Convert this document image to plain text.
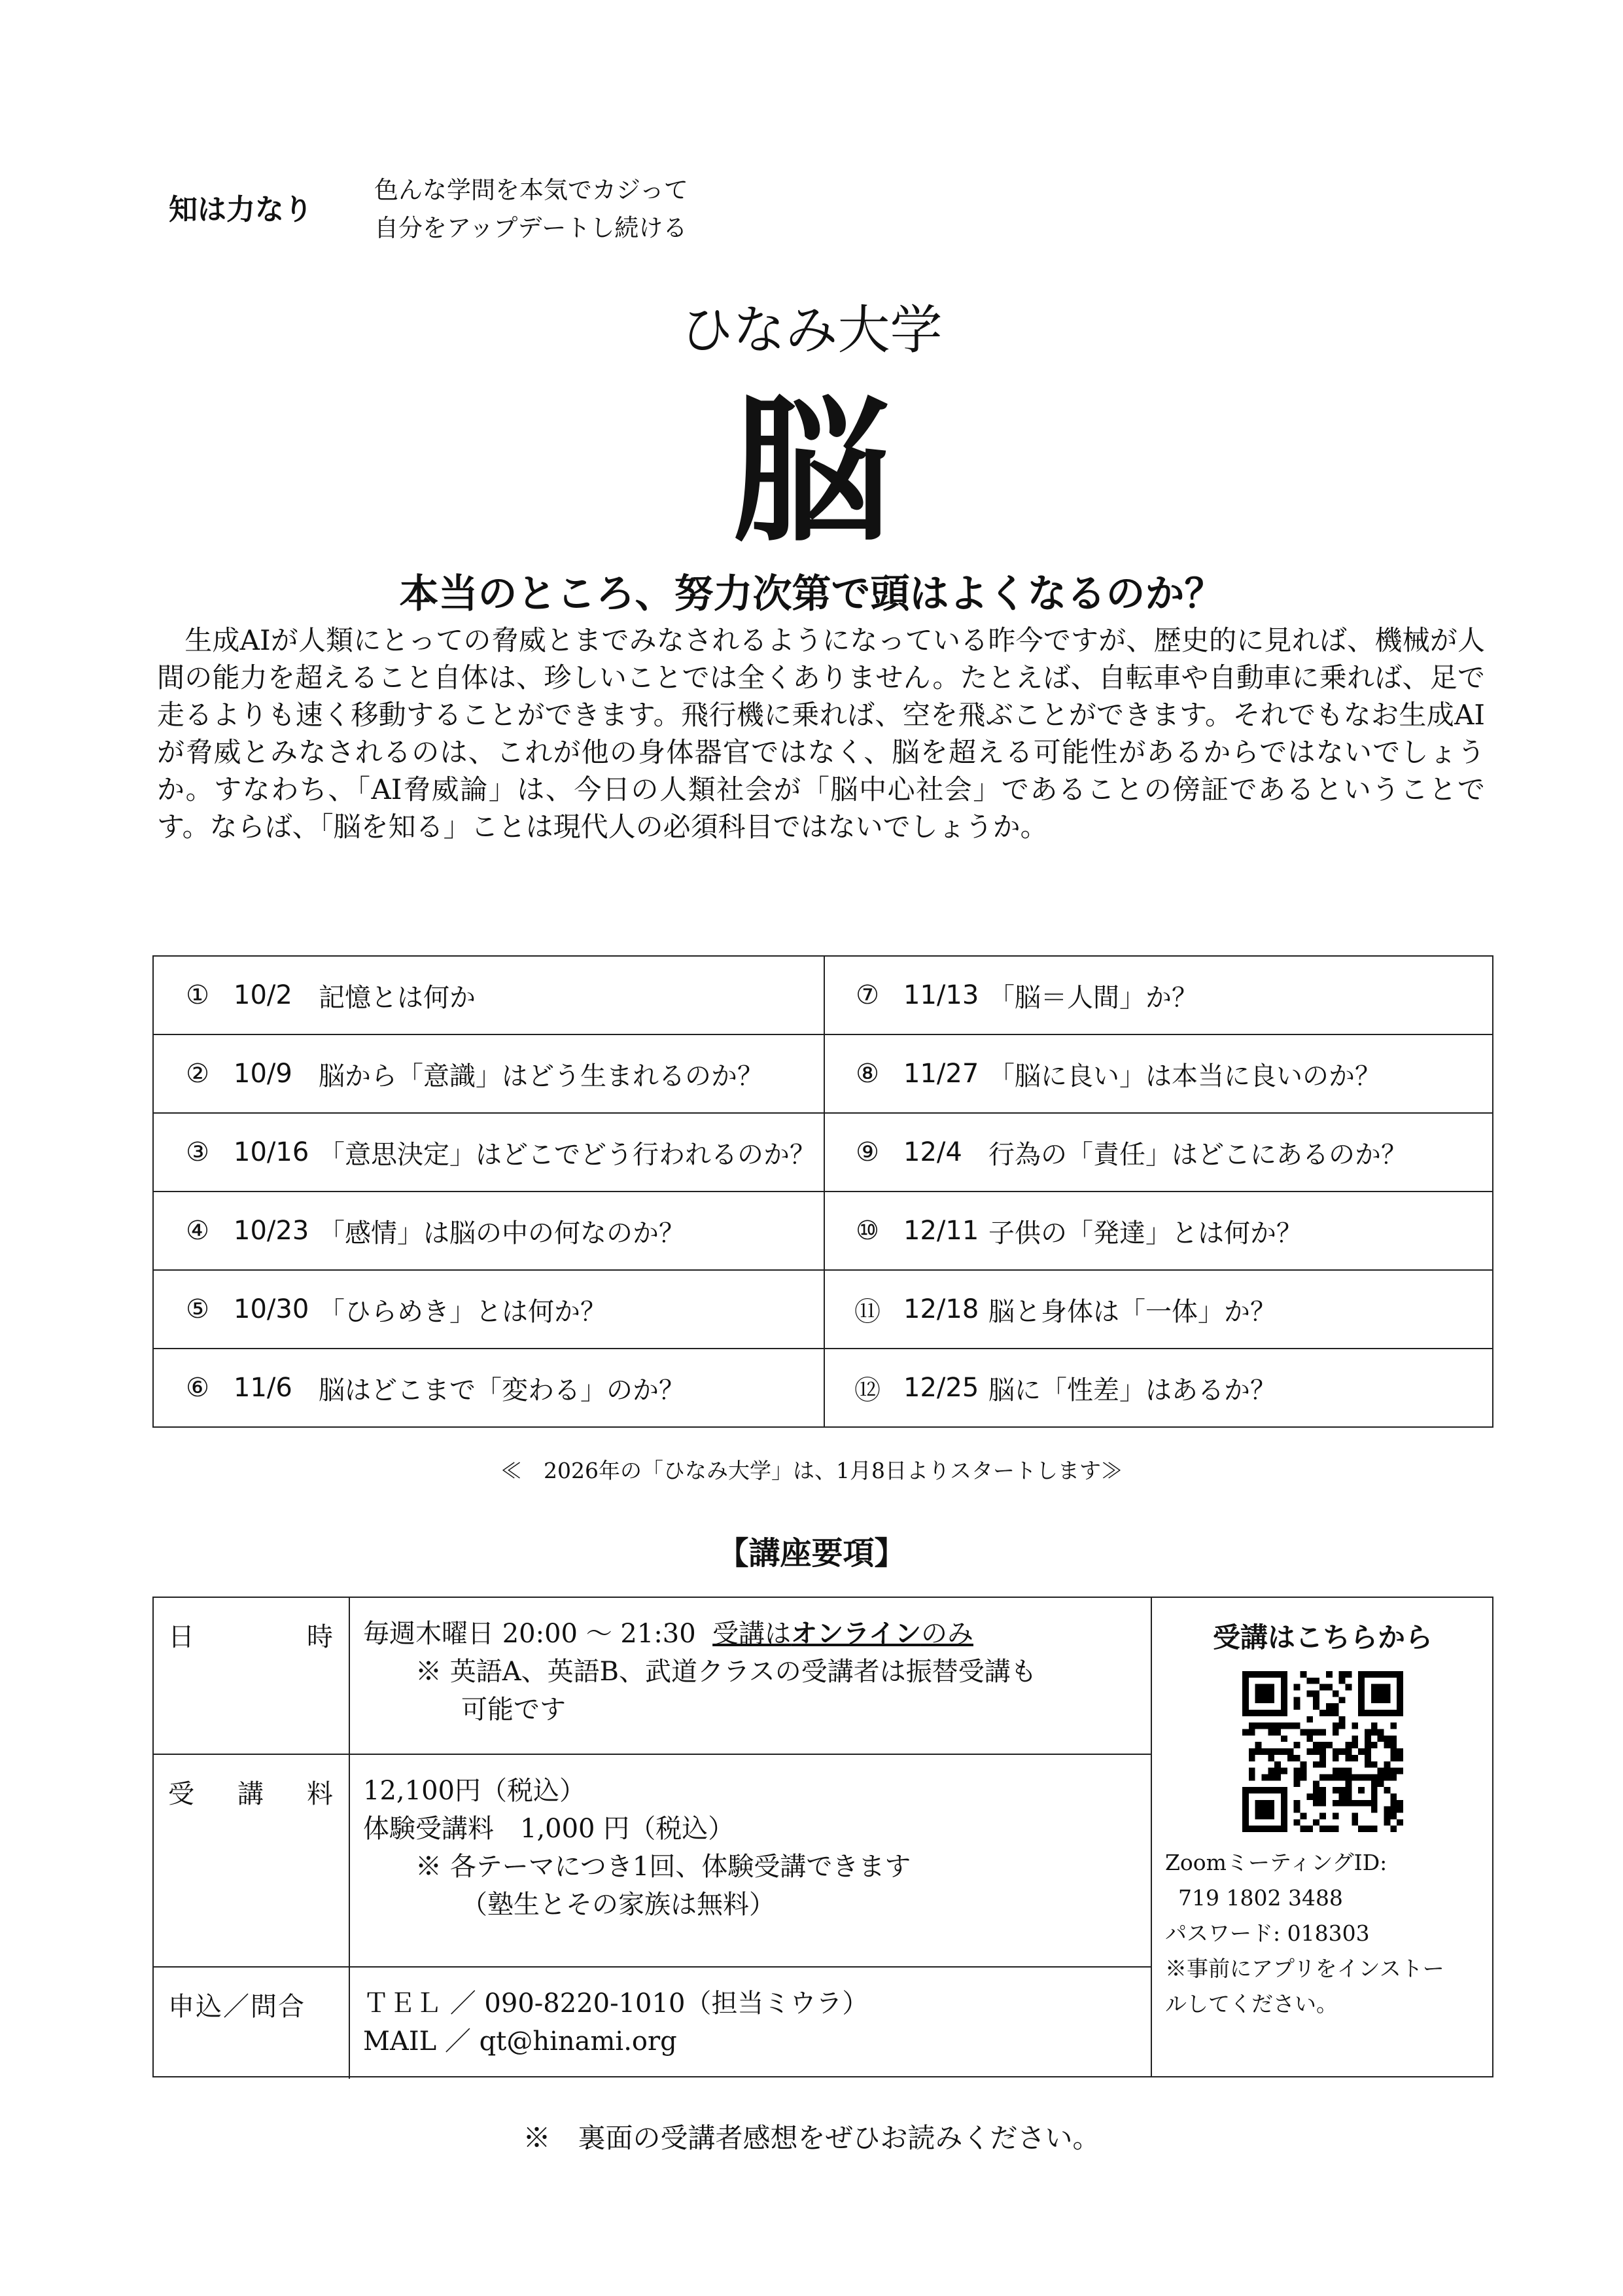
知は力なり
色んな学問を本気でカジって
自分をアップデートし続ける
ひなみ大学
脳
本当のところ、努力次第で頭はよくなるのか？
　生成AIが人類にとっての脅威とまでみなされるようになっている昨今ですが、歴史的に見れば、機械が人間の能力を超えること自体は、珍しいことでは全くありません。たとえば、自転車や自動車に乗れば、足で走るよりも速く移動することができます。飛行機に乗れば、空を飛ぶことができます。それでもなお生成AIが脅威とみなされるのは、これが他の身体器官ではなく、脳を超える可能性があるからではないでしょうか。すなわち、「AI脅威論」は、今日の人類社会が「脳中心社会」であることの傍証であるということです。ならば、「脳を知る」ことは現代人の必須科目ではないでしょうか。
① 10/2	記憶とは何か
② 10/9	脳から「意識」はどう生まれるのか？
③ 10/16 「意思決定」はどこでどう行われるのか？
④ 10/23 「感情」は脳の中の何なのか？
⑤ 10/30 「ひらめき」とは何か？
⑥ 11/6	脳はどこまで「変わる」のか？
⑦ 11/13 「脳＝人間」か？
⑧ 11/27 「脳に良い」は本当に良いのか？
⑨ 12/4	行為の「責任」はどこにあるのか？
⑩ 12/11 子供の「発達」とは何か？
⑪ 12/18 脳と身体は「一体」か？
⑫ 12/25 脳に「性差」はあるか？
≪　2026年の「ひなみ大学」は、1月8日よりスタートします≫
【講座要項】
日	時 毎週木曜日 20:00 ～ 21:30 受講はオンラインのみ
※ 英語A、英語B、武道クラスの受講者は振替受講も
可能です
受 講 料 12,100円（税込）
体験受講料　1,000 円（税込）
※ 各テーマにつき1回、体験受講できます
（塾生とその家族は無料）
申込／問合	ＴＥＬ ／ 090-8220-1010（担当ミウラ）
MAIL ／ qt@hinami.org
受講はこちらから
ZoomミーティングID:
719 1802 3488
パスワード: 018303
※事前にアプリをインストー
ルしてください。
※　裏面の受講者感想をぜひお読みください。
